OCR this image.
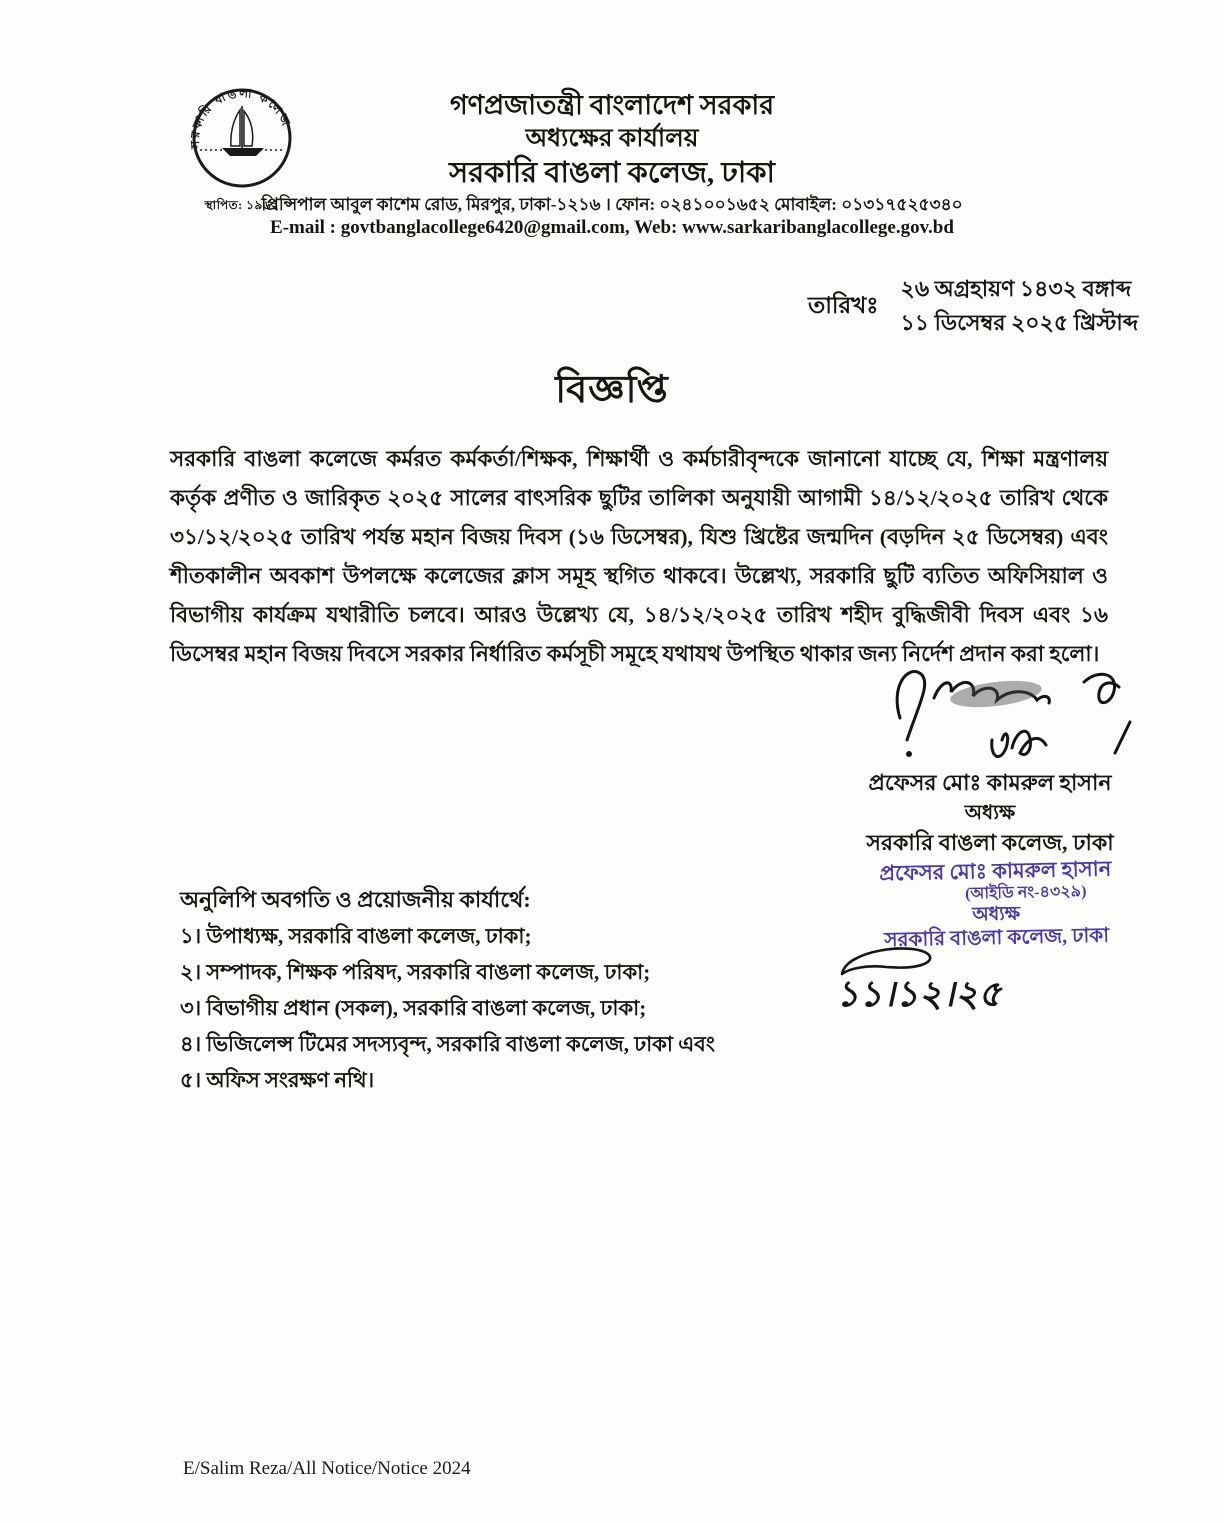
সরকারি বাঙলা কলেজ
স্থাপিত: ১৯৬২
গণপ্রজাতন্ত্রী বাংলাদেশ সরকার
অধ্যক্ষের কার্যালয়
সরকারি বাঙলা কলেজ, ঢাকা
প্রিন্সিপাল আবুল কাশেম রোড, মিরপুর, ঢাকা-১২১৬ । ফোন: ০২৪১০০১৬৫২ মোবাইল: ০১৩১৭৫২৫৩৪০
E-mail : govtbanglacollege6420@gmail.com, Web: www.sarkaribanglacollege.gov.bd
তারিখঃ
২৬ অগ্রহায়ণ ১৪৩২ বঙ্গাব্দ
১১ ডিসেম্বর ২০২৫ খ্রিস্টাব্দ
বিজ্ঞপ্তি

সরকারি বাঙলা কলেজে কর্মরত কর্মকর্তা/শিক্ষক, শিক্ষার্থী ও কর্মচারীবৃন্দকে জানানো যাচ্ছে যে, শিক্ষা মন্ত্রণালয় কর্তৃক প্রণীত ও জারিকৃত ২০২৫ সালের বাৎসরিক ছুটির তালিকা অনুযায়ী আগামী ১৪/১২/২০২৫ তারিখ থেকে ৩১/১২/২০২৫ তারিখ পর্যন্ত মহান বিজয় দিবস (১৬ ডিসেম্বর), যিশু খ্রিষ্টের জন্মদিন (বড়দিন ২৫ ডিসেম্বর) এবং শীতকালীন অবকাশ উপলক্ষে কলেজের ক্লাস সমূহ স্থগিত থাকবে। উল্লেখ্য, সরকারি ছুটি ব্যতিত অফিসিয়াল ও বিভাগীয় কার্যক্রম যথারীতি চলবে। আরও উল্লেখ্য যে, ১৪/১২/২০২৫ তারিখ শহীদ বুদ্ধিজীবী দিবস এবং ১৬ ডিসেম্বর মহান বিজয় দিবসে সরকার নির্ধারিত কর্মসূচী সমূহে যথাযথ উপস্থিত থাকার জন্য নির্দেশ প্রদান করা হলো।

প্রফেসর মোঃ কামরুল হাসান
অধ্যক্ষ
সরকারি বাঙলা কলেজ, ঢাকা
প্রফেসর মোঃ কামরুল হাসান
(আইডি নং-৪৩২৯)
অধ্যক্ষ
সরকারি বাঙলা কলেজ, ঢাকা
১১।১২।২৫
অনুলিপি অবগতি ও প্রয়োজনীয় কার্যার্থে:
১। উপাধ্যক্ষ, সরকারি বাঙলা কলেজ, ঢাকা;
২। সম্পাদক, শিক্ষক পরিষদ, সরকারি বাঙলা কলেজ, ঢাকা;
৩। বিভাগীয় প্রধান (সকল), সরকারি বাঙলা কলেজ, ঢাকা;
৪। ভিজিলেন্স টিমের সদস্যবৃন্দ, সরকারি বাঙলা কলেজ, ঢাকা এবং
৫। অফিস সংরক্ষণ নথি।
E/Salim Reza/All Notice/Notice 2024
